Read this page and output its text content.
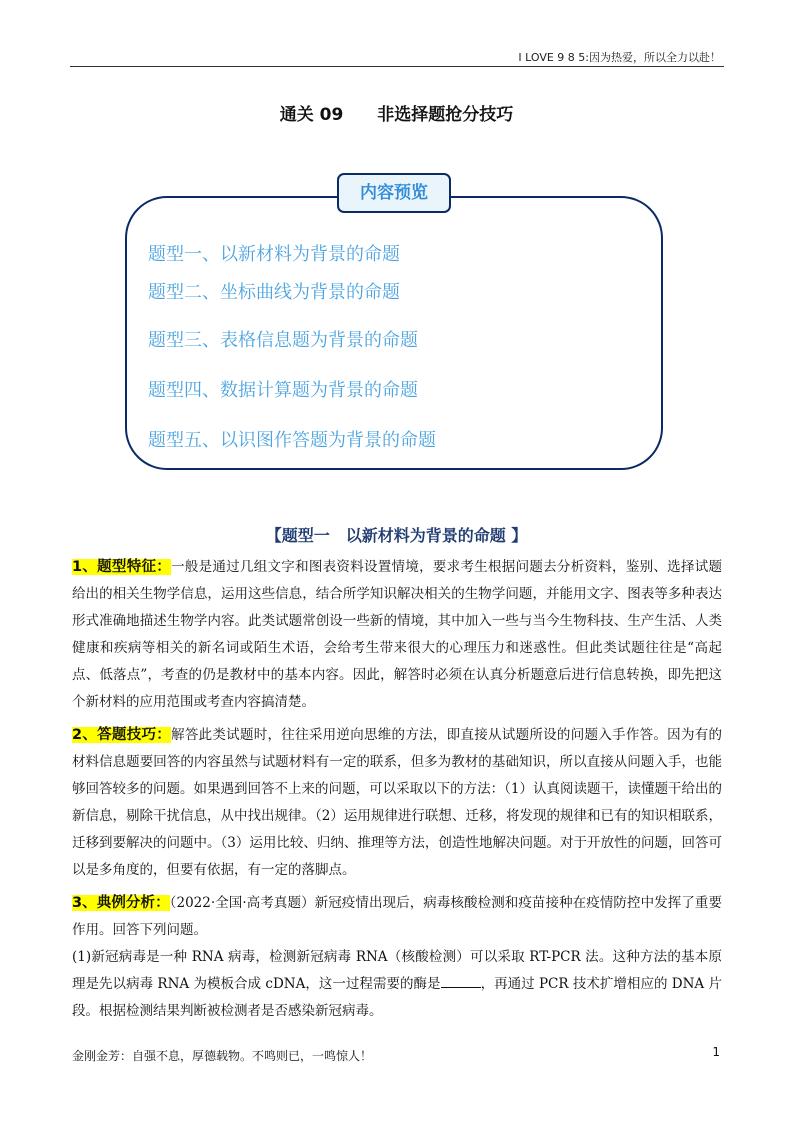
I LOVE 9 8 5:因为热爱，所以全力以赴！
通关 09 非选择题抢分技巧
内容预览
题型一、以新材料为背景的命题
题型二、坐标曲线为背景的命题
题型三、表格信息题为背景的命题
题型四、数据计算题为背景的命题
题型五、以识图作答题为背景的命题
【题型一　以新材料为背景的命题 】
1、题型特征：一般是通过几组文字和图表资料设置情境，要求考生根据问题去分析资料，鉴别、选择试题给出的相关生物学信息，运用这些信息，结合所学知识解决相关的生物学问题，并能用文字、图表等多种表达形式准确地描述生物学内容。此类试题常创设一些新的情境，其中加入一些与当今生物科技、生产生活、人类健康和疾病等相关的新名词或陌生术语，会给考生带来很大的心理压力和迷惑性。但此类试题往往是“高起点、低落点”，考查的仍是教材中的基本内容。因此，解答时必须在认真分析题意后进行信息转换，即先把这个新材料的应用范围或考查内容搞清楚。
2、答题技巧：解答此类试题时，往往采用逆向思维的方法，即直接从试题所设的问题入手作答。因为有的材料信息题要回答的内容虽然与试题材料有一定的联系，但多为教材的基础知识，所以直接从问题入手，也能够回答较多的问题。如果遇到回答不上来的问题，可以采取以下的方法：（1）认真阅读题干，读懂题干给出的新信息，剔除干扰信息，从中找出规律。（2）运用规律进行联想、迁移，将发现的规律和已有的知识相联系，迁移到要解决的问题中。（3）运用比较、归纳、推理等方法，创造性地解决问题。对于开放性的问题，回答可以是多角度的，但要有依据，有一定的落脚点。
3、典例分析：（2022·全国·高考真题）新冠疫情出现后，病毒核酸检测和疫苗接种在疫情防控中发挥了重要作用。回答下列问题。
(1)新冠病毒是一种 RNA 病毒，检测新冠病毒 RNA（核酸检测）可以采取 RT-PCR 法。这种方法的基本原理是先以病毒 RNA 为模板合成 cDNA，这一过程需要的酶是	，再通过 PCR 技术扩增相应的 DNA 片段。根据检测结果判断被检测者是否感染新冠病毒。
金刚金芳：自强不息，厚德载物。不鸣则已，一鸣惊人！	1
